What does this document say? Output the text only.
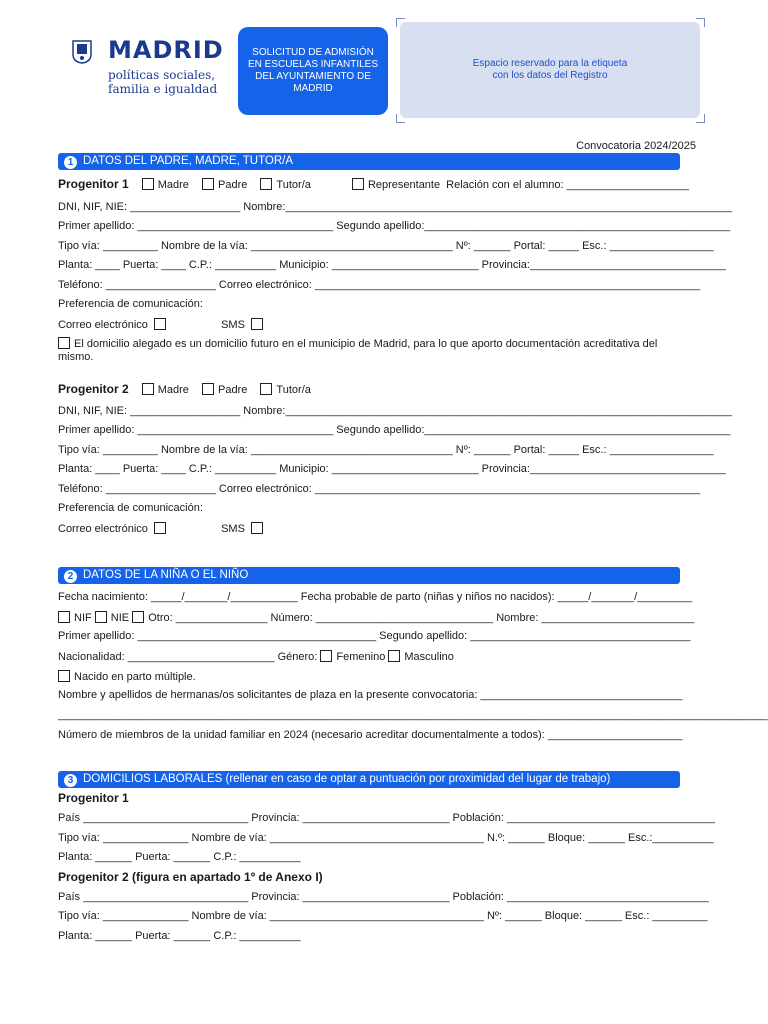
MADRID
políticas sociales,
familia e igualdad
SOLICITUD DE ADMISIÓN EN ESCUELAS INFANTILES DEL AYUNTAMIENTO DE MADRID
Espacio reservado para la etiqueta
con los datos del Registro
Convocatoria 2024/2025
1 DATOS DEL PADRE, MADRE, TUTOR/A
Progenitor 1	Madre	Padre	Tutor/a	Representante Relación con el alumno: ____________________
DNI, NIF, NIE: __________________ Nombre:_________________________________________________________________________
Primer apellido: ________________________________ Segundo apellido:__________________________________________________
Tipo vía: _________ Nombre de la vía: _________________________________ Nº: ______ Portal: _____ Esc.: _________________
Planta: ____ Puerta: ____ C.P.: __________ Municipio: ________________________ Provincia:________________________________
Teléfono: __________________ Correo electrónico: _______________________________________________________________
Preferencia de comunicación:
Correo electrónico	SMS
El domicilio alegado es un domicilio futuro en el municipio de Madrid, para lo que aporto documentación acreditativa del
mismo.
Progenitor 2	Madre	Padre	Tutor/a
DNI, NIF, NIE: __________________ Nombre:_________________________________________________________________________
Primer apellido: ________________________________ Segundo apellido:__________________________________________________
Tipo vía: _________ Nombre de la vía: _________________________________ Nº: ______ Portal: _____ Esc.: _________________
Planta: ____ Puerta: ____ C.P.: __________ Municipio: ________________________ Provincia:________________________________
Teléfono: __________________ Correo electrónico: _______________________________________________________________
Preferencia de comunicación:
Correo electrónico	SMS
2 DATOS DE LA NIÑA O EL NIÑO
Fecha nacimiento: _____/_______/___________ Fecha probable de parto (niñas y niños no nacidos): _____/_______/_________
NIF NIE Otro: _______________ Número: _____________________________ Nombre: _________________________
Primer apellido: _______________________________________ Segundo apellido: ____________________________________
Nacionalidad: ________________________ Género: Femenino Masculino
Nacido en parto múltiple.
Nombre y apellidos de hermanas/os solicitantes de plaza en la presente convocatoria: _________________________________
____________________________________________________________________________________________________________________
Número de miembros de la unidad familiar en 2024 (necesario acreditar documentalmente a todos): ______________________
3 DOMICILIOS LABORALES (rellenar en caso de optar a puntuación por proximidad del lugar de trabajo)
Progenitor 1
País ___________________________ Provincia: ________________________ Población: __________________________________
Tipo vía: ______________ Nombre de vía: ___________________________________ N.º: ______ Bloque: ______ Esc.:__________
Planta: ______ Puerta: ______ C.P.: __________
Progenitor 2 (figura en apartado 1º de Anexo I)
País ___________________________ Provincia: ________________________ Población: _________________________________
Tipo vía: ______________ Nombre de vía: ___________________________________ Nº: ______ Bloque: ______ Esc.: _________
Planta: ______ Puerta: ______ C.P.: __________
